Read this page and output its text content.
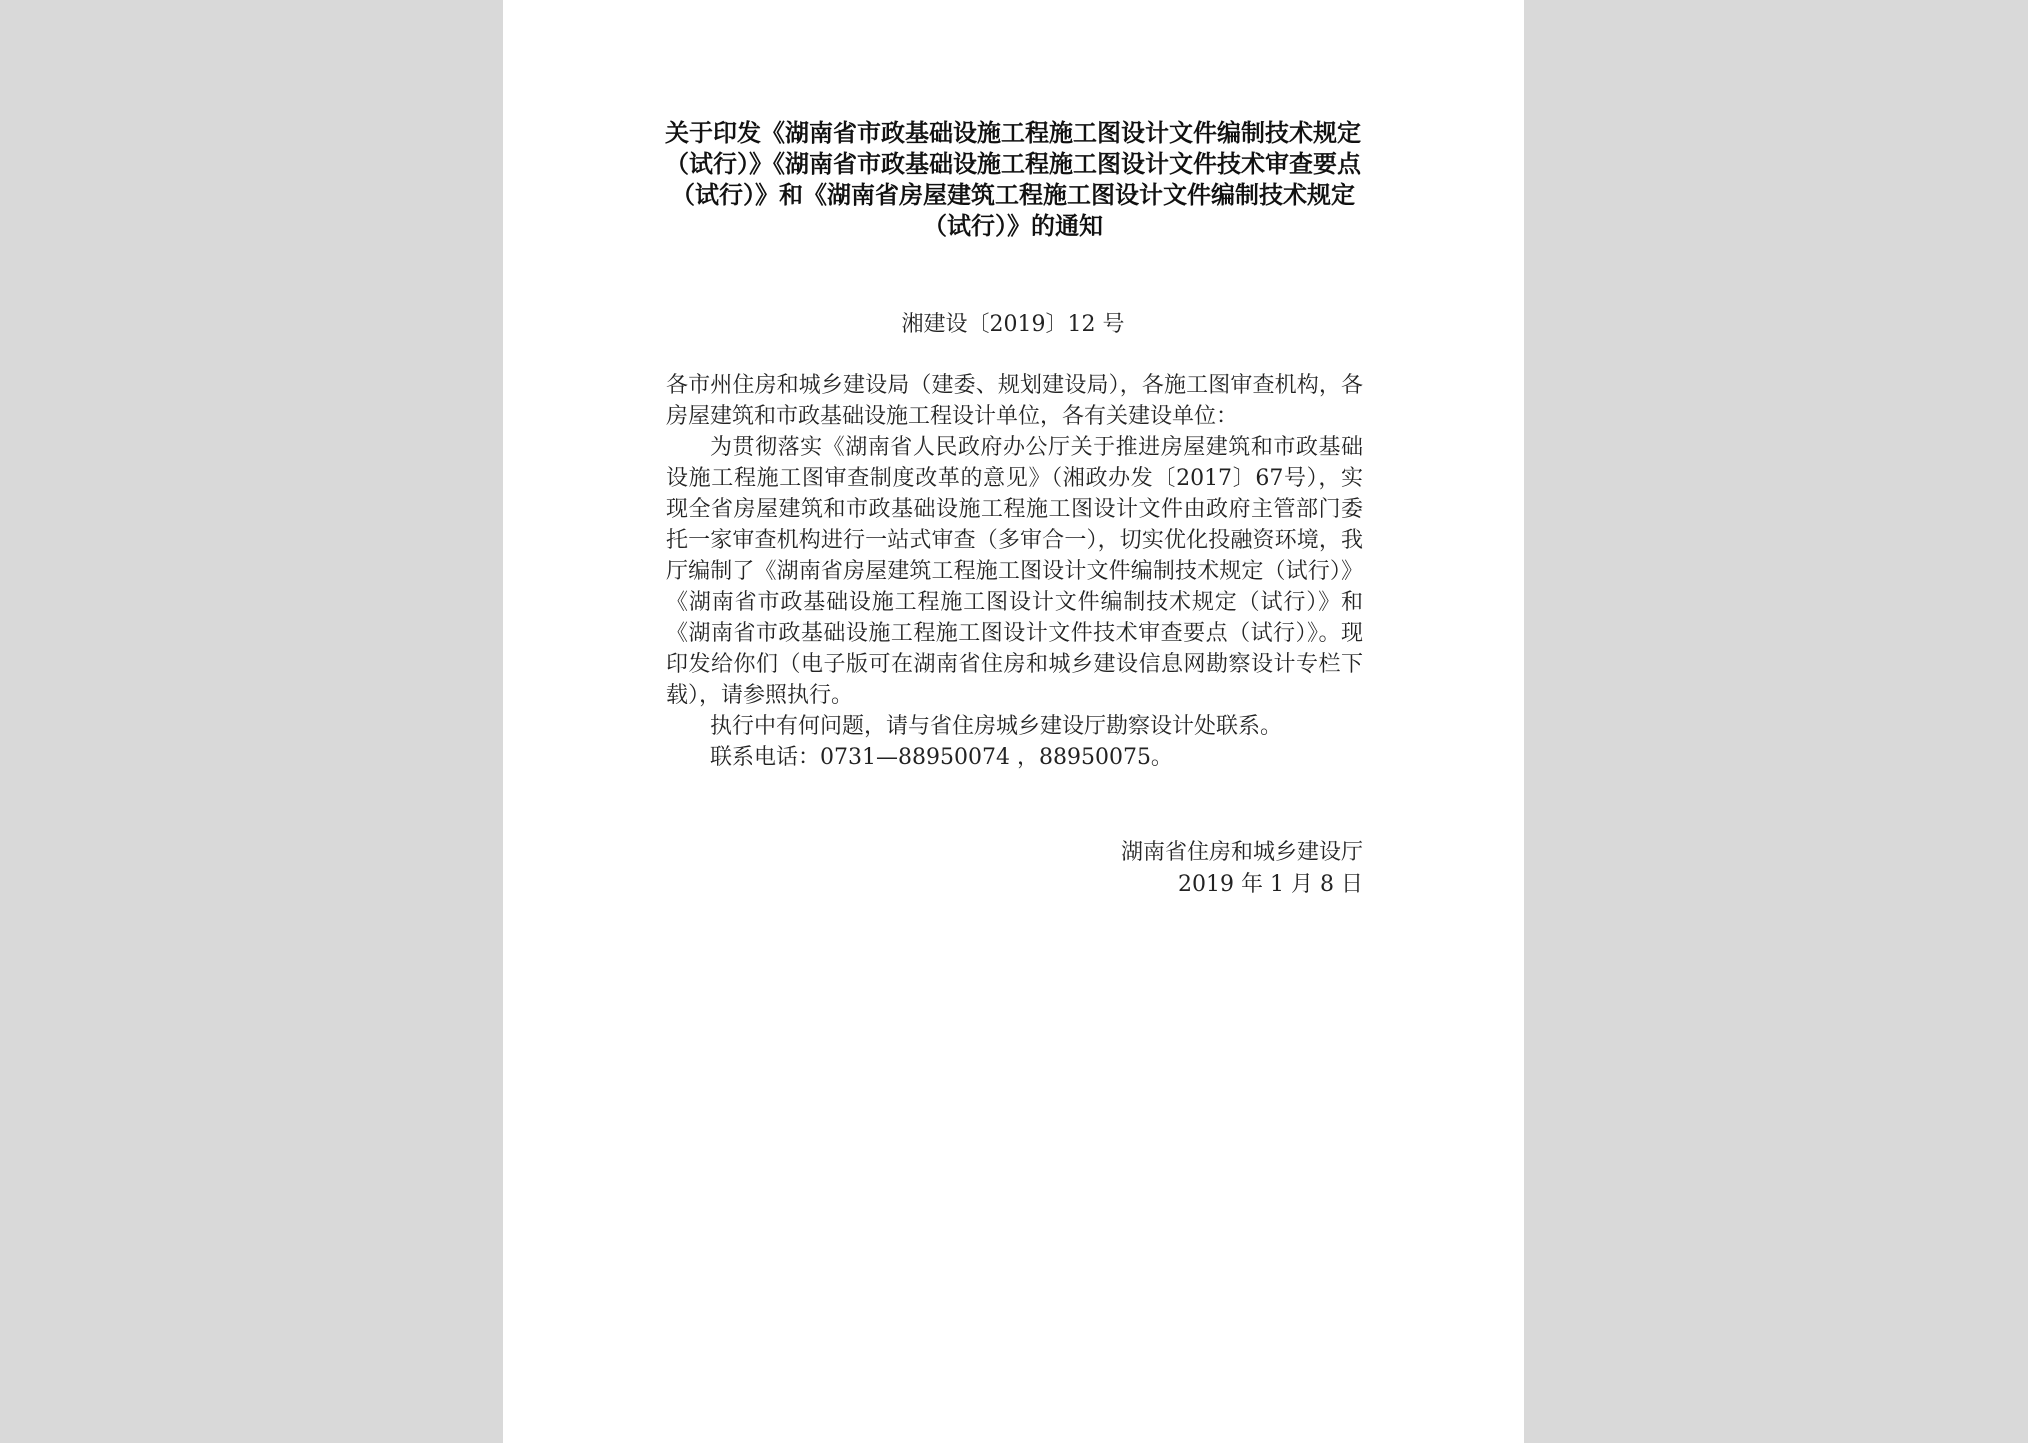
关于印发《湖南省市政基础设施工程施工图设计文件编制技术规定（试行）》《湖南省市政基础设施工程施工图设计文件技术审查要点（试行）》和《湖南省房屋建筑工程施工图设计文件编制技术规定（试行）》的通知
湘建设〔2019〕12 号

各市州住房和城乡建设局（建委、规划建设局），各施工图审查机构，各房屋建筑和市政基础设施工程设计单位，各有关建设单位：

为贯彻落实《湖南省人民政府办公厅关于推进房屋建筑和市政基础设施工程施工图审查制度改革的意见》（湘政办发〔2017〕67号），实现全省房屋建筑和市政基础设施工程施工图设计文件由政府主管部门委托一家审查机构进行一站式审查（多审合一），切实优化投融资环境，我厅编制了《湖南省房屋建筑工程施工图设计文件编制技术规定（试行）》《湖南省市政基础设施工程施工图设计文件编制技术规定（试行）》和《湖南省市政基础设施工程施工图设计文件技术审查要点（试行）》。现印发给你们（电子版可在湖南省住房和城乡建设信息网勘察设计专栏下载），请参照执行。

执行中有何问题，请与省住房城乡建设厅勘察设计处联系。

联系电话：0731—88950074 ，88950075。

湖南省住房和城乡建设厅
2019 年 1 月 8 日
